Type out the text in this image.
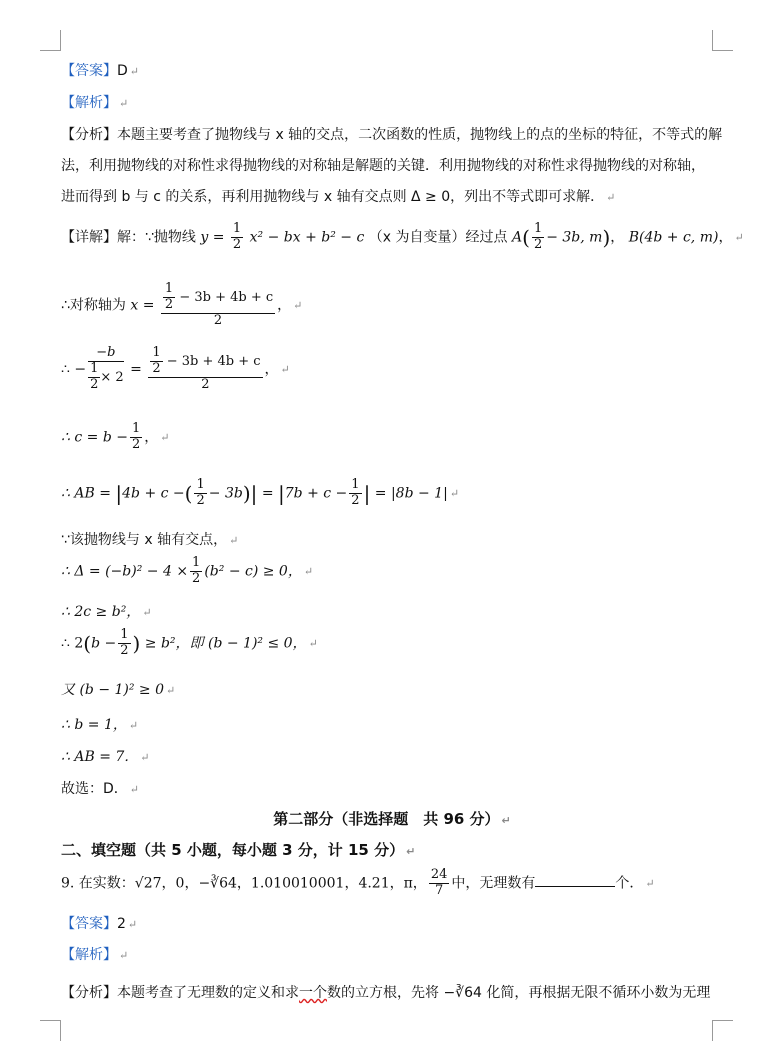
【答案】D ↵
【解析】 ↵
【分析】本题主要考查了抛物线与 x 轴的交点，二次函数的性质，抛物线上的点的坐标的特征，不等式的解
法，利用抛物线的对称性求得抛物线的对称轴是解题的关键．利用抛物线的对称性求得抛物线的对称轴，
进而得到 b 与 c 的关系，再利用抛物线与 x 轴有交点则 Δ ≥ 0，列出不等式即可求解． ↵
【详解】解：∵抛物线 $y = \frac{1}{2} x^2$ − bx + b² − c （x 为自变量）经过点 $A( \frac{1}{2} - 3b$, m)， B(4b + c, m)， ↵
∴对称轴为 $x = \frac{\frac{1}{2} - 3b + 4b + c}{2}$ ， ↵
∴ − $\frac{-b}{\frac{1}{2} \times 2} = \frac{\frac{1}{2} - 3b + 4b + c}{2}$ ， ↵
∴ $c = b - \frac{1}{2}$ ， ↵
∴ AB = |4b + c −( $\frac{1}{2} - 3b)| = |7b + c - \frac{1}{2}$ | = |8b − 1| ↵
∵该抛物线与 x 轴有交点， ↵
∴ $\Delta = (-b)^2 - 4 \times \frac{1}{2} (b^2 - c) \ge 0$， ↵
∴ 2c ≥ b²， ↵
∴ $2(b - \frac{1}{2}$ ) ≥ b²，即 (b − 1)² ≤ 0， ↵
又 (b − 1)² ≥ 0 ↵
∴ b = 1， ↵
∴ AB = 7． ↵
故选：D． ↵
第二部分（非选择题　共 96 分） ↵
二、填空题（共 5 小题，每小题 3 分，计 15 分） ↵
9. 在实数：√27，0，−∛64，1.010010001，4.21，π， $\frac{24}{7}$ 中，无理数有	个． ↵
【答案】2 ↵
【解析】 ↵
【分析】本题考查了无理数的定义和求一个数的立方根，先将 −∛64 化简，再根据无限不循环小数为无理
